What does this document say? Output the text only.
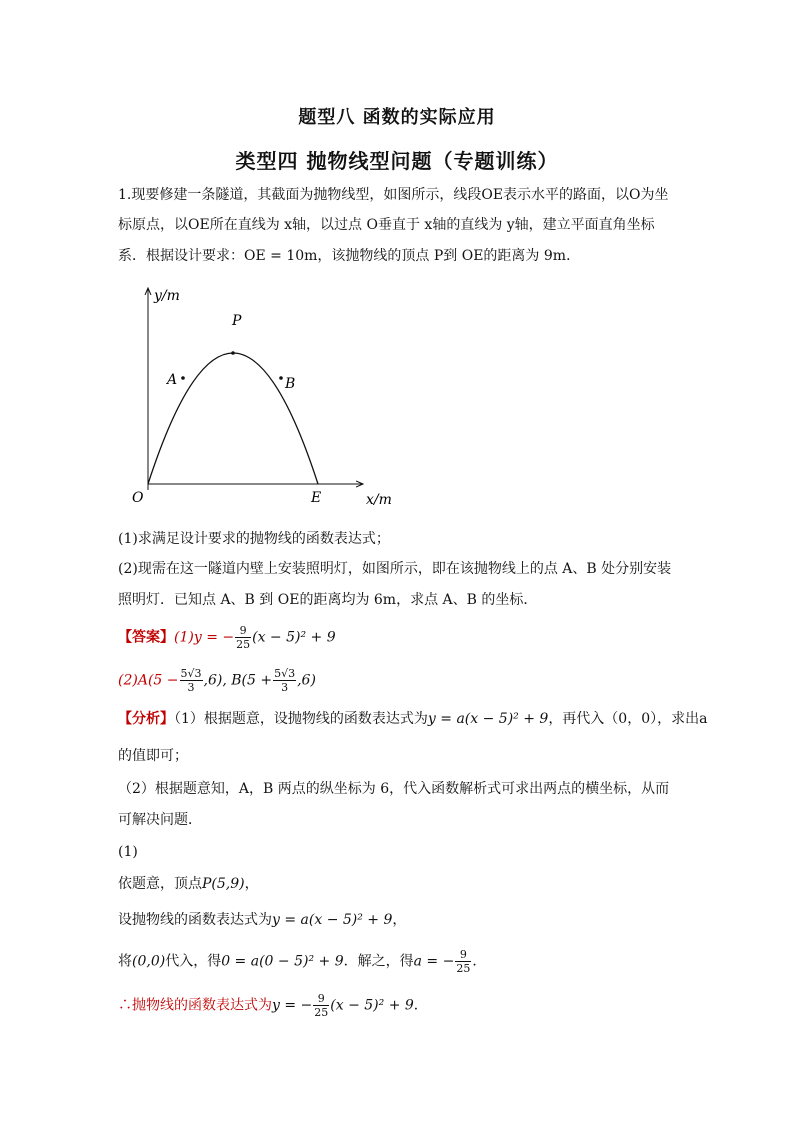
题型八 函数的实际应用
类型四 抛物线型问题（专题训练）
1.现要修建一条隧道，其截面为抛物线型，如图所示，线段OE表示水平的路面，以O为坐
标原点，以OE所在直线为 x轴，以过点 O垂直于 x轴的直线为 y轴，建立平面直角坐标
系．根据设计要求：OE = 10m，该抛物线的顶点 P到 OE的距离为 9m．
y/m
x/m
O	E
P
A	B
(1)求满足设计要求的抛物线的函数表达式；
(2)现需在这一隧道内壁上安装照明灯，如图所示，即在该抛物线上的点 A、B 处分别安装
照明灯．已知点 A、B 到 OE的距离均为 6m，求点 A、B 的坐标．
【答案】(1)y = − $\frac{9}{25} (x - 5)^2 + 9$
$(2)A(5 - \frac{5√3}{3} ,6)$, $B(5 + \frac{5√3}{3} ,6)$
【分析】（1）根据题意，设抛物线的函数表达式为y = a(x − 5)² + 9，再代入（0，0），求出a
的值即可；
（2）根据题意知，A，B 两点的纵坐标为 6，代入函数解析式可求出两点的横坐标，从而
可解决问题．
(1)
依题意，顶点P(5,9)，
设抛物线的函数表达式为y = a(x − 5)² + 9，
将(0,0)代入，得0 = a(0 − 5)² + 9．解之，得a = − $\frac{9}{25}$ ．
∴抛物线的函数表达式为y = − $\frac{9}{25} (x - 5)^2 + 9$．
